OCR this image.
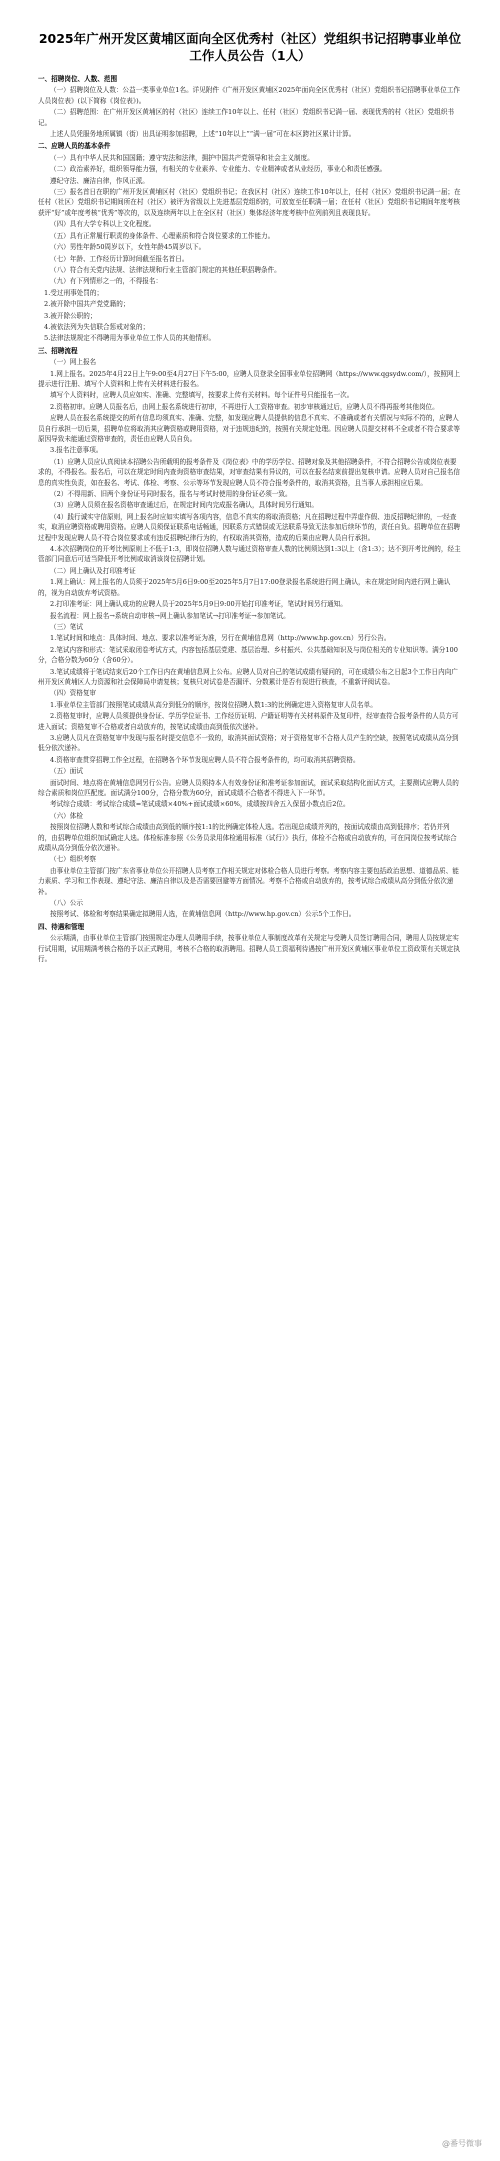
2025年广州开发区黄埔区面向全区优秀村（社区）党组织书记招聘事业单位工作人员公告（1人）

一、招聘岗位、人数、范围

（一）招聘岗位及人数：公益一类事业单位1名。详见附件《广州开发区黄埔区2025年面向全区优秀村（社区）党组织书记招聘事业单位工作人员岗位表》(以下简称《岗位表》)。

（二）招聘范围：在广州开发区黄埔区的村（社区）连续工作10年以上、任村（社区）党组织书记满一届、表现优秀的村（社区）党组织书记。

上述人员凭服务地所属镇（街）出具证明参加招聘，上述“10年以上”“满一届”可在本区跨社区累计计算。

二、应聘人员的基本条件

（一）具有中华人民共和国国籍；遵守宪法和法律，拥护中国共产党领导和社会主义制度。

（二）政治素养好，组织领导能力强，有相关的专业素养、专业能力、专业精神或者从业经历，事业心和责任感强。

遵纪守法、廉洁自律，作风正派。

（三）报名首日在职的广州开发区黄埔区村（社区）党组织书记；在我区村（社区）连续工作10年以上，任村（社区）党组织书记满一届；在任村（社区）党组织书记期间所在村（社区）被评为省级以上先进基层党组织的，可放宽至任职满一届；在任村（社区）党组织书记期间年度考核获评“好”或年度考核“优秀”等次的，以及连续两年以上在全区村（社区）集体经济年度考核中位列前列且表现良好。

（四）具有大学专科以上文化程度。

（五）具有正常履行职责的身体条件、心理素质和符合岗位要求的工作能力。

（六）男性年龄50周岁以下，女性年龄45周岁以下。

（七）年龄、工作经历计算时间截至报名首日。

（八）符合有关党内法规、法律法规和行业主管部门规定的其他任职招聘条件。

（九）有下列情形之一的，不得报名：

1.受过刑事处罚的；

2.被开除中国共产党党籍的；

3.被开除公职的；

4.被依法列为失信联合惩戒对象的；

5.法律法规规定不得聘用为事业单位工作人员的其他情形。

三、招聘流程

（一）网上报名

1.网上报名。2025年4月22日上午9:00至4月27日下午5:00，应聘人员登录全国事业单位招聘网（https://www.qgsydw.com/），按照网上提示进行注册、填写个人资料和上传有关材料进行报名。

填写个人资料时，应聘人员应如实、准确、完整填写，按要求上传有关材料。每个证件号只能报名一次。

2.资格初审。应聘人员报名后，由网上报名系统进行初审，不再进行人工资格审查。初步审核通过后，应聘人员不得再报考其他岗位。

应聘人员在报名系统提交的所有信息均须真实、准确、完整，如发现应聘人员提供的信息不真实、不准确或者有关情况与实际不符的，应聘人员自行承担一切后果，招聘单位将取消其应聘资格或聘用资格，对于违规违纪的，按照有关规定处理。因应聘人员提交材料不全或者不符合要求等原因导致未能通过资格审查的，责任由应聘人员自负。

3.报名注意事项。

（1）应聘人员应认真阅读本招聘公告所载明的报考条件及《岗位表》中的学历学位、招聘对象及其他招聘条件，不符合招聘公告或岗位表要求的，不得报名。报名后，可以在规定时间内查询资格审查结果，对审查结果有异议的，可以在报名结束前提出复核申请。应聘人员对自己报名信息的真实性负责，如在报名、考试、体检、考察、公示等环节发现应聘人员不符合报考条件的，取消其资格，且当事人承担相应后果。

（2）不得用新、旧两个身份证号同时报名，报名与考试时使用的身份证必须一致。

（3）应聘人员须在报名资格审查通过后，在规定时间内完成报名确认，具体时间另行通知。

（4）践行诚实守信原则，网上报名时应如实填写各项内容，信息不真实的将取消资格；凡在招聘过程中弄虚作假、违反招聘纪律的，一经查实，取消应聘资格或聘用资格。应聘人员须保证联系电话畅通，因联系方式错误或无法联系导致无法参加后续环节的，责任自负。招聘单位在招聘过程中发现应聘人员不符合岗位要求或有违反招聘纪律行为的，有权取消其资格，造成的后果由应聘人员自行承担。

4.本次招聘岗位的开考比例原则上不低于1:3，即岗位招聘人数与通过资格审查人数的比例须达到1:3以上（含1:3）；达不到开考比例的，经主管部门同意后可适当降低开考比例或取消该岗位招聘计划。

（二）网上确认及打印准考证

1.网上确认：网上报名的人员须于2025年5月6日9:00至2025年5月7日17:00登录报名系统进行网上确认，未在规定时间内进行网上确认的，视为自动放弃考试资格。

2.打印准考证：网上确认成功的应聘人员于2025年5月9日9:00开始打印准考证，笔试时间另行通知。

报名流程：网上报名→系统自动审核→网上确认参加笔试→打印准考证→参加笔试。

（三）笔试

1.笔试时间和地点：具体时间、地点、要求以准考证为准，另行在黄埔信息网（http://www.hp.gov.cn）另行公告。

2.笔试内容和形式：笔试采取闭卷考试方式，内容包括基层党建、基层治理、乡村振兴、公共基础知识及与岗位相关的专业知识等。满分100分，合格分数为60分（含60分）。

3.笔试成绩将于笔试结束后20个工作日内在黄埔信息网上公布。应聘人员对自己的笔试成绩有疑问的，可在成绩公布之日起3个工作日内向广州开发区黄埔区人力资源和社会保障局申请复核；复核只对试卷是否漏评、分数累计是否有误进行核查，不重新评阅试卷。

（四）资格复审

1.事业单位主管部门按照笔试成绩从高分到低分的顺序，按岗位招聘人数1:3的比例确定进入资格复审人员名单。

2.资格复审时，应聘人员须提供身份证、学历学位证书、工作经历证明、户籍证明等有关材料原件及复印件，经审查符合报考条件的人员方可进入面试；资格复审不合格或者自动放弃的，按笔试成绩由高到低依次递补。

3.应聘人员凡在资格复审中发现与报名时提交信息不一致的，取消其面试资格；对于资格复审不合格人员产生的空缺，按照笔试成绩从高分到低分依次递补。

4.资格审查贯穿招聘工作全过程，在招聘各个环节发现应聘人员不符合报考条件的，均可取消其招聘资格。

（五）面试

面试时间、地点将在黄埔信息网另行公告。应聘人员须持本人有效身份证和准考证参加面试，面试采取结构化面试方式，主要测试应聘人员的综合素质和岗位匹配度。面试满分100分，合格分数为60分，面试成绩不合格者不得进入下一环节。

考试综合成绩：考试综合成绩=笔试成绩×40%+面试成绩×60%，成绩按四舍五入保留小数点后2位。

（六）体检

按照岗位招聘人数和考试综合成绩由高到低的顺序按1:1的比例确定体检人选。若出现总成绩并列的，按面试成绩由高到低排序；若仍并列的，由招聘单位组织加试确定人选。体检标准参照《公务员录用体检通用标准（试行）》执行，体检不合格或自动放弃的，可在同岗位按考试综合成绩从高分到低分依次递补。

（七）组织考察

由事业单位主管部门按广东省事业单位公开招聘人员考察工作相关规定对体检合格人员进行考察。考察内容主要包括政治思想、道德品质、能力素质、学习和工作表现、遵纪守法、廉洁自律以及是否需要回避等方面情况。考察不合格或自动放弃的，按考试综合成绩从高分到低分依次递补。

（八）公示

按照考试、体检和考察结果确定拟聘用人选，在黄埔信息网（http://www.hp.gov.cn）公示5个工作日。

四、待遇和管理

公示期满，由事业单位主管部门按照规定办理人员聘用手续，按事业单位人事制度改革有关规定与受聘人员签订聘用合同，聘用人员按规定实行试用期，试用期满考核合格的予以正式聘用，考核不合格的取消聘用。招聘人员工资福利待遇按广州开发区黄埔区事业单位工资政策有关规定执行。

@番号微事
